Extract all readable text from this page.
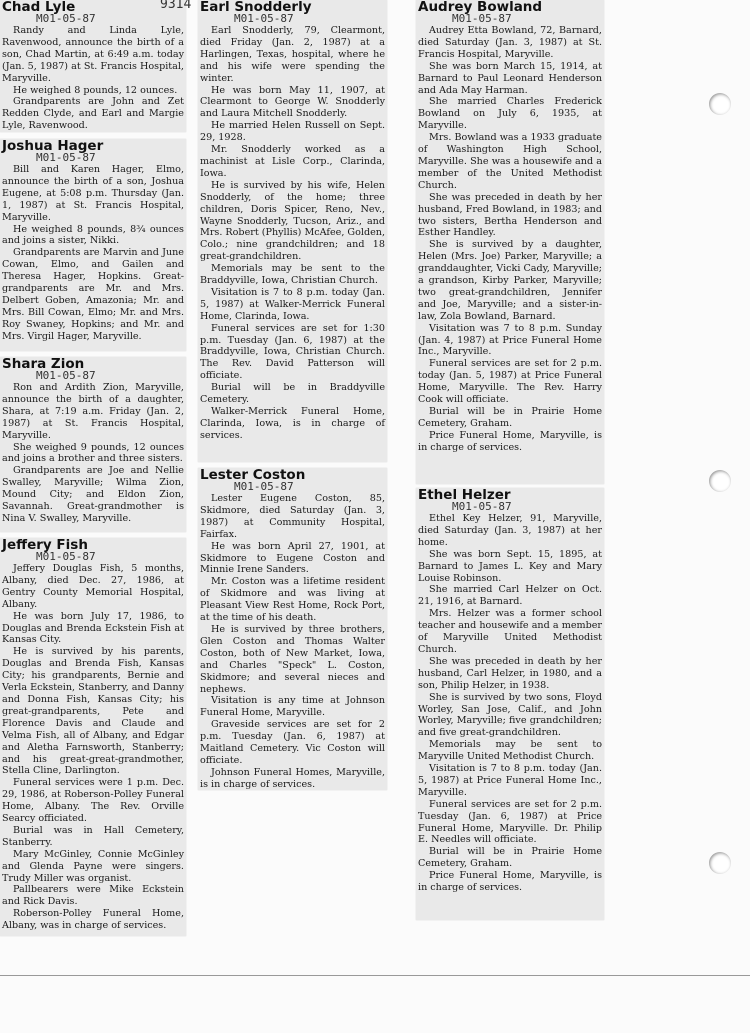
9314
Chad Lyle
M01-05-87

Randy and Linda Lyle, Ravenwood, announce the birth of a son, Chad Martin, at 6:49 a.m. today (Jan. 5, 1987) at St. Francis Hospital, Maryville.

He weighed 8 pounds, 12 ounces.

Grandparents are John and Zet Redden Clyde, and Earl and Margie Lyle, Ravenwood.

Joshua Hager
M01-05-87

Bill and Karen Hager, Elmo, announce the birth of a son, Joshua Eugene, at 5:08 p.m. Thursday (Jan. 1, 1987) at St. Francis Hospital, Maryville.

He weighed 8 pounds, 8¾ ounces and joins a sister, Nikki.

Grandparents are Marvin and June Cowan, Elmo, and Gailen and Theresa Hager, Hopkins. Great-grandparents are Mr. and Mrs. Delbert Goben, Amazonia; Mr. and Mrs. Bill Cowan, Elmo; Mr. and Mrs. Roy Swaney, Hopkins; and Mr. and Mrs. Virgil Hager, Maryville.

Shara Zion
M01-05-87

Ron and Ardith Zion, Maryville, announce the birth of a daughter, Shara, at 7:19 a.m. Friday (Jan. 2, 1987) at St. Francis Hospital, Maryville.

She weighed 9 pounds, 12 ounces and joins a brother and three sisters.

Grandparents are Joe and Nellie Swalley, Maryville; Wilma Zion, Mound City; and Eldon Zion, Savannah. Great-grandmother is Nina V. Swalley, Maryville.

Jeffery Fish
M01-05-87

Jeffery Douglas Fish, 5 months, Albany, died Dec. 27, 1986, at Gentry County Memorial Hospital, Albany.

He was born July 17, 1986, to Douglas and Brenda Eckstein Fish at Kansas City.

He is survived by his parents, Douglas and Brenda Fish, Kansas City; his grandparents, Bernie and Verla Eckstein, Stanberry, and Danny and Donna Fish, Kansas City; his great-grandparents, Pete and Florence Davis and Claude and Velma Fish, all of Albany, and Edgar and Aletha Farnsworth, Stanberry; and his great-great-grandmother, Stella Cline, Darlington.

Funeral services were 1 p.m. Dec. 29, 1986, at Roberson-Polley Funeral Home, Albany. The Rev. Orville Searcy officiated.

Burial was in Hall Cemetery, Stanberry.

Mary McGinley, Connie McGinley and Glenda Payne were singers. Trudy Miller was organist.

Pallbearers were Mike Eckstein and Rick Davis.

Roberson-Polley Funeral Home, Albany, was in charge of services.

Earl Snodderly
M01-05-87

Earl Snodderly, 79, Clearmont, died Friday (Jan. 2, 1987) at a Harlingen, Texas, hospital, where he and his wife were spending the winter.

He was born May 11, 1907, at Clearmont to George W. Snodderly and Laura Mitchell Snodderly.

He married Helen Russell on Sept. 29, 1928.

Mr. Snodderly worked as a machinist at Lisle Corp., Clarinda, Iowa.

He is survived by his wife, Helen Snodderly, of the home; three children, Doris Spicer, Reno, Nev., Wayne Snodderly, Tucson, Ariz., and Mrs. Robert (Phyllis) McAfee, Golden, Colo.; nine grandchildren; and 18 great-grandchildren.

Memorials may be sent to the Braddyville, Iowa, Christian Church.

Visitation is 7 to 8 p.m. today (Jan. 5, 1987) at Walker-Merrick Funeral Home, Clarinda, Iowa.

Funeral services are set for 1:30 p.m. Tuesday (Jan. 6, 1987) at the Braddyville, Iowa, Christian Church. The Rev. David Patterson will officiate.

Burial will be in Braddyville Cemetery.

Walker-Merrick Funeral Home, Clarinda, Iowa, is in charge of services.

Lester Coston
M01-05-87

Lester Eugene Coston, 85, Skidmore, died Saturday (Jan. 3, 1987) at Community Hospital, Fairfax.

He was born April 27, 1901, at Skidmore to Eugene Coston and Minnie Irene Sanders.

Mr. Coston was a lifetime resident of Skidmore and was living at Pleasant View Rest Home, Rock Port, at the time of his death.

He is survived by three brothers, Glen Coston and Thomas Walter Coston, both of New Market, Iowa, and Charles "Speck" L. Coston, Skidmore; and several nieces and nephews.

Visitation is any time at Johnson Funeral Home, Maryville.

Graveside services are set for 2 p.m. Tuesday (Jan. 6, 1987) at Maitland Cemetery. Vic Coston will officiate.

Johnson Funeral Homes, Maryville, is in charge of services.

Audrey Bowland
M01-05-87

Audrey Etta Bowland, 72, Barnard, died Saturday (Jan. 3, 1987) at St. Francis Hospital, Maryville.

She was born March 15, 1914, at Barnard to Paul Leonard Henderson and Ada May Harman.

She married Charles Frederick Bowland on July 6, 1935, at Maryville.

Mrs. Bowland was a 1933 graduate of Washington High School, Maryville. She was a housewife and a member of the United Methodist Church.

She was preceded in death by her husband, Fred Bowland, in 1983; and two sisters, Bertha Henderson and Esther Handley.

She is survived by a daughter, Helen (Mrs. Joe) Parker, Maryville; a granddaughter, Vicki Cady, Maryville; a grandson, Kirby Parker, Maryville; two great-grandchildren, Jennifer and Joe, Maryville; and a sister-in-law, Zola Bowland, Barnard.

Visitation was 7 to 8 p.m. Sunday (Jan. 4, 1987) at Price Funeral Home Inc., Maryville.

Funeral services are set for 2 p.m. today (Jan. 5, 1987) at Price Funeral Home, Maryville. The Rev. Harry Cook will officiate.

Burial will be in Prairie Home Cemetery, Graham.

Price Funeral Home, Maryville, is in charge of services.

Ethel Helzer
M01-05-87

Ethel Key Helzer, 91, Maryville, died Saturday (Jan. 3, 1987) at her home.

She was born Sept. 15, 1895, at Barnard to James L. Key and Mary Louise Robinson.

She married Carl Helzer on Oct. 21, 1916, at Barnard.

Mrs. Helzer was a former school teacher and housewife and a member of Maryville United Methodist Church.

She was preceded in death by her husband, Carl Helzer, in 1980, and a son, Philip Helzer, in 1938.

She is survived by two sons, Floyd Worley, San Jose, Calif., and John Worley, Maryville; five grandchildren; and five great-grandchildren.

Memorials may be sent to Maryville United Methodist Church.

Visitation is 7 to 8 p.m. today (Jan. 5, 1987) at Price Funeral Home Inc., Maryville.

Funeral services are set for 2 p.m. Tuesday (Jan. 6, 1987) at Price Funeral Home, Maryville. Dr. Philip E. Needles will officiate.

Burial will be in Prairie Home Cemetery, Graham.

Price Funeral Home, Maryville, is in charge of services.
